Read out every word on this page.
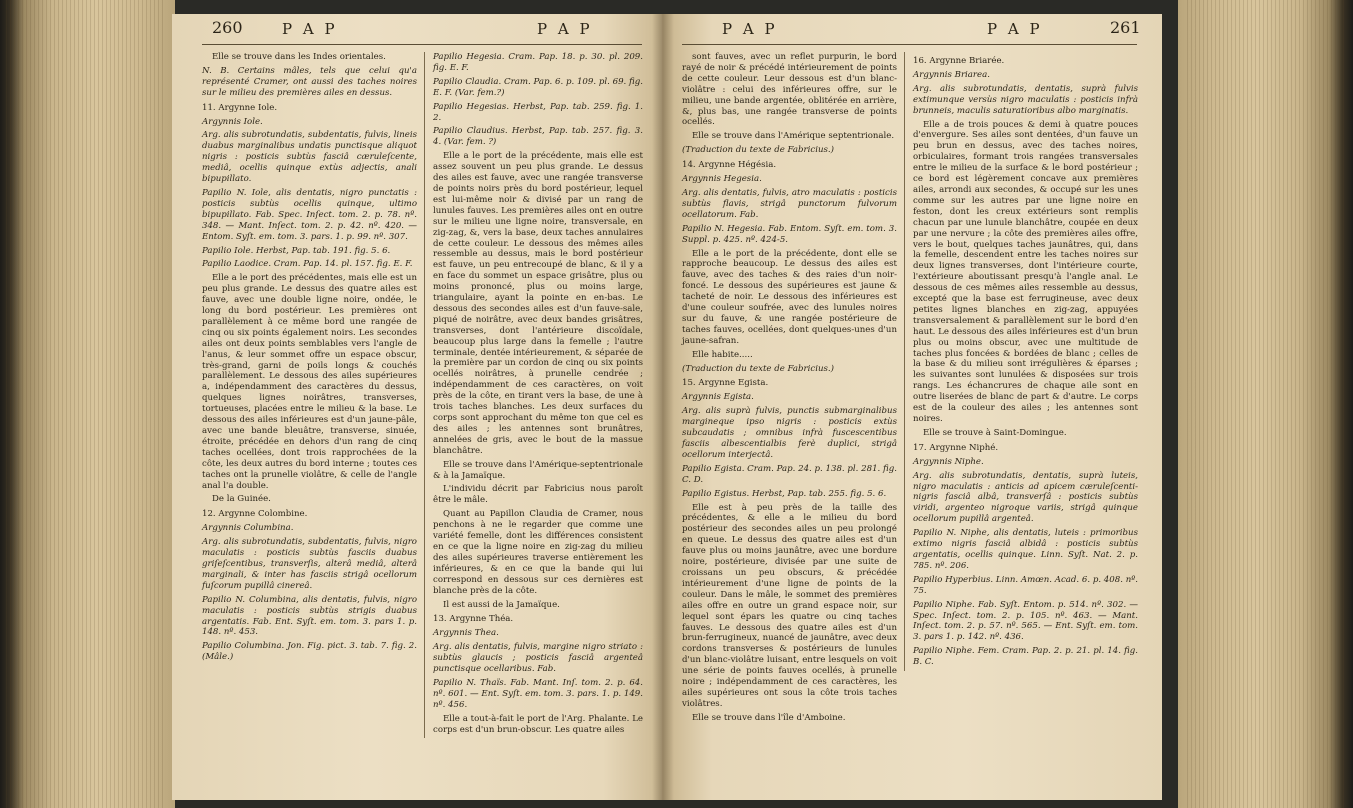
260	P A P	P A P

Elle se trouve dans les Indes orientales.

N. B. Certains mâles, tels que celui qu'a représenté Cramer, ont aussi des taches noires sur le milieu des premières ailes en dessus.

11. Argynne Iole.

Argynnis Iole.

Arg. alis subrotundatis, subdentatis, fulvis, lineis duabus marginalibus undatis punctisque aliquot nigris : posticis subtùs fasciâ cæruleſcente, mediâ, ocellis quinque extùs adjectis, anali bipupillato.

Papilio N. Iole, alis dentatis, nigro punctatis : posticis subtùs ocellis quinque, ultimo bipupillato. Fab. Spec. Inſect. tom. 2. p. 78. nº. 348. — Mant. Inſect. tom. 2. p. 42. nº. 420. — Entom. Syſt. em. tom. 3. pars. 1. p. 99. nº. 307.

Papilio Iole. Herbst, Pap. tab. 191. fig. 5. 6.

Papilio Laodice. Cram. Pap. 14. pl. 157. fig. E. F.

Elle a le port des précédentes, mais elle est un peu plus grande. Le dessus des quatre ailes est fauve, avec une double ligne noire, ondée, le long du bord postérieur. Les premières ont parallèlement à ce même bord une rangée de cinq ou six points également noirs. Les secondes ailes ont deux points semblables vers l'angle de l'anus, & leur sommet offre un espace obscur, très-grand, garni de poils longs & couchés parallèlement. Le dessous des ailes supérieures a, indépendamment des caractères du dessus, quelques lignes noirâtres, transverses, tortueuses, placées entre le milieu & la base. Le dessous des ailes inférieures est d'un jaune-pâle, avec une bande bleuâtre, transverse, sinuée, étroite, précédée en dehors d'un rang de cinq taches ocellées, dont trois rapprochées de la côte, les deux autres du bord interne ; toutes ces taches ont la prunelle violâtre, & celle de l'angle anal l'a double.

De la Guinée.

12. Argynne Colombine.

Argynnis Columbina.

Arg. alis subrotundatis, subdentatis, fulvis, nigro maculatis : posticis subtùs fasciis duabus griſeſcentibus, transverſis, alterâ mediâ, alterâ marginali, & inter has fasciis strigâ ocellorum fuſcorum pupillâ cinereâ.

Papilio N. Columbina, alis dentatis, fulvis, nigro maculatis : posticis subtùs strigis duabus argentatis. Fab. Ent. Syſt. em. tom. 3. pars 1. p. 148. nº. 453.

Papilio Columbina. Jon. Fig. pict. 3. tab. 7. fig. 2. (Mâle.)

Papilio Hegesia. Cram. Pap. 18. p. 30. pl. 209. fig. E. F.

Papilio Claudia. Cram. Pap. 6. p. 109. pl. 69. fig. E. F. (Var. fem.?)

Papilio Hegesias. Herbst, Pap. tab. 259. fig. 1. 2.

Papilio Claudius. Herbst, Pap. tab. 257. fig. 3. 4. (Var. fem. ?)

Elle a le port de la précédente, mais elle est assez souvent un peu plus grande. Le dessus des ailes est fauve, avec une rangée transverse de points noirs près du bord postérieur, lequel est lui-même noir & divisé par un rang de lunules fauves. Les premières ailes ont en outre sur le milieu une ligne noire, transversale, en zig-zag, &, vers la base, deux taches annulaires de cette couleur. Le dessous des mêmes ailes ressemble au dessus, mais le bord postérieur est fauve, un peu entrecoupé de blanc, & il y a en face du sommet un espace grisâtre, plus ou moins prononcé, plus ou moins large, triangulaire, ayant la pointe en en-bas. Le dessous des secondes ailes est d'un fauve-sale, piqué de noirâtre, avec deux bandes grisâtres, transverses, dont l'antérieure discoïdale, beaucoup plus large dans la femelle ; l'autre terminale, dentée intérieurement, & séparée de la première par un cordon de cinq ou six points ocellés noirâtres, à prunelle cendrée ; indépendamment de ces caractères, on voit près de la côte, en tirant vers la base, de une à trois taches blanches. Les deux surfaces du corps sont approchant du même ton que cel es des ailes ; les antennes sont brunâtres, annelées de gris, avec le bout de la massue blanchâtre.

Elle se trouve dans l'Amérique-septentrionale & à la Jamaïque.

L'individu décrit par Fabricius nous paroît être le mâle.

Quant au Papillon Claudia de Cramer, nous penchons à ne le regarder que comme une variété femelle, dont les différences consistent en ce que la ligne noire en zig-zag du milieu des ailes supérieures traverse entièrement les inférieures, & en ce que la bande qui lui correspond en dessous sur ces dernières est blanche près de la côte.

Il est aussi de la Jamaïque.

13. Argynne Théa.

Argynnis Thea.

Arg. alis dentatis, fulvis, margine nigro striato : subtùs glaucis ; posticis fasciâ argenteâ punctisque ocellaribus. Fab.

Papilio N. Thaïs. Fab. Mant. Inſ. tom. 2. p. 64. nº. 601. — Ent. Syſt. em. tom. 3. pars. 1. p. 149. nº. 456.

Elle a tout-à-fait le port de l'Arg. Phalante. Le corps est d'un brun-obscur. Les quatre ailes

P A P	P A P	261

sont fauves, avec un reflet purpurin, le bord rayé de noir & précédé intérieurement de points de cette couleur. Leur dessous est d'un blanc-violâtre : celui des inférieures offre, sur le milieu, une bande argentée, oblitérée en arrière, &, plus bas, une rangée transverse de points ocellés.

Elle se trouve dans l'Amérique septentrionale.

(Traduction du texte de Fabricius.)

14. Argynne Hégésia.

Argynnis Hegesia.

Arg. alis dentatis, fulvis, atro maculatis : posticis subtùs flavis, strigâ punctorum fulvorum ocellatorum. Fab.

Papilio N. Hegesia. Fab. Entom. Syſt. em. tom. 3. Suppl. p. 425. nº. 424-5.

Elle a le port de la précédente, dont elle se rapproche beaucoup. Le dessus des ailes est fauve, avec des taches & des raies d'un noir-foncé. Le dessous des supérieures est jaune & tacheté de noir. Le dessous des inférieures est d'une couleur soufrée, avec des lunules noires sur du fauve, & une rangée postérieure de taches fauves, ocellées, dont quelques-unes d'un jaune-safran.

Elle habite.....

(Traduction du texte de Fabricius.)

15. Argynne Egista.

Argynnis Egista.

Arg. alis suprà fulvis, punctis submarginalibus margineque ipso nigris : posticis extùs subcaudatis ; omnibus infrà fuscescentibus fasciis albescentialbis ferè duplici, strigâ ocellorum interjectâ.

Papilio Egista. Cram. Pap. 24. p. 138. pl. 281. fig. C. D.

Papilio Egistus. Herbst, Pap. tab. 255. fig. 5. 6.

Elle est à peu près de la taille des précédentes, & elle a le milieu du bord postérieur des secondes ailes un peu prolongé en queue. Le dessus des quatre ailes est d'un fauve plus ou moins jaunâtre, avec une bordure noire, postérieure, divisée par une suite de croissans un peu obscurs, & précédée intérieurement d'une ligne de points de la couleur. Dans le mâle, le sommet des premières ailes offre en outre un grand espace noir, sur lequel sont épars les quatre ou cinq taches fauves. Le dessous des quatre ailes est d'un brun-ferrugineux, nuancé de jaunâtre, avec deux cordons transverses & postérieurs de lunules d'un blanc-violâtre luisant, entre lesquels on voit une série de points fauves ocellés, à prunelle noire ; indépendamment de ces caractères, les ailes supérieures ont sous la côte trois taches violâtres.

Elle se trouve dans l'île d'Amboine.

16. Argynne Briarée.

Argynnis Briarea.

Arg. alis subrotundatis, dentatis, suprà fulvis extimunque versùs nigro maculatis : posticis infrà brunneis, maculis saturatioribus albo marginatis.

Elle a de trois pouces & demi à quatre pouces d'envergure. Ses ailes sont dentées, d'un fauve un peu brun en dessus, avec des taches noires, orbiculaires, formant trois rangées transversales entre le milieu de la surface & le bord postérieur ; ce bord est légèrement concave aux premières ailes, arrondi aux secondes, & occupé sur les unes comme sur les autres par une ligne noire en feston, dont les creux extérieurs sont remplis chacun par une lunule blanchâtre, coupée en deux par une nervure ; la côte des premières ailes offre, vers le bout, quelques taches jaunâtres, qui, dans la femelle, descendent entre les taches noires sur deux lignes transverses, dont l'intérieure courte, l'extérieure aboutissant presqu'à l'angle anal. Le dessous de ces mêmes ailes ressemble au dessus, excepté que la base est ferrugineuse, avec deux petites lignes blanches en zig-zag, appuyées transversalement & parallèlement sur le bord d'en haut. Le dessous des ailes inférieures est d'un brun plus ou moins obscur, avec une multitude de taches plus foncées & bordées de blanc ; celles de la base & du milieu sont irrégulières & éparses ; les suivantes sont lunulées & disposées sur trois rangs. Les échancrures de chaque aile sont en outre liserées de blanc de part & d'autre. Le corps est de la couleur des ailes ; les antennes sont noires.

Elle se trouve à Saint-Domingue.

17. Argynne Niphé.

Argynnis Niphe.

Arg. alis subrotundatis, dentatis, suprà luteis, nigro maculatis : anticis ad apicem cæruleſcenti-nigris fasciâ albâ, transverſâ : posticis subtùs viridi, argenteo nigroque variis, strigâ quinque ocellorum pupillâ argenteâ.

Papilio N. Niphe, alis dentatis, luteis : primoribus extimo nigris fasciâ albidâ : posticis subtùs argentatis, ocellis quinque. Linn. Syſt. Nat. 2. p. 785. nº. 206.

Papilio Hyperbius. Linn. Amœn. Acad. 6. p. 408. nº. 75.

Papilio Niphe. Fab. Syſt. Entom. p. 514. nº. 302. — Spec. Inſect. tom. 2. p. 105. nº. 463. — Mant. Inſect. tom. 2. p. 57. nº. 565. — Ent. Syſt. em. tom. 3. pars 1. p. 142. nº. 436.

Papilio Niphe. Fem. Cram. Pap. 2. p. 21. pl. 14. fig. B. C.
